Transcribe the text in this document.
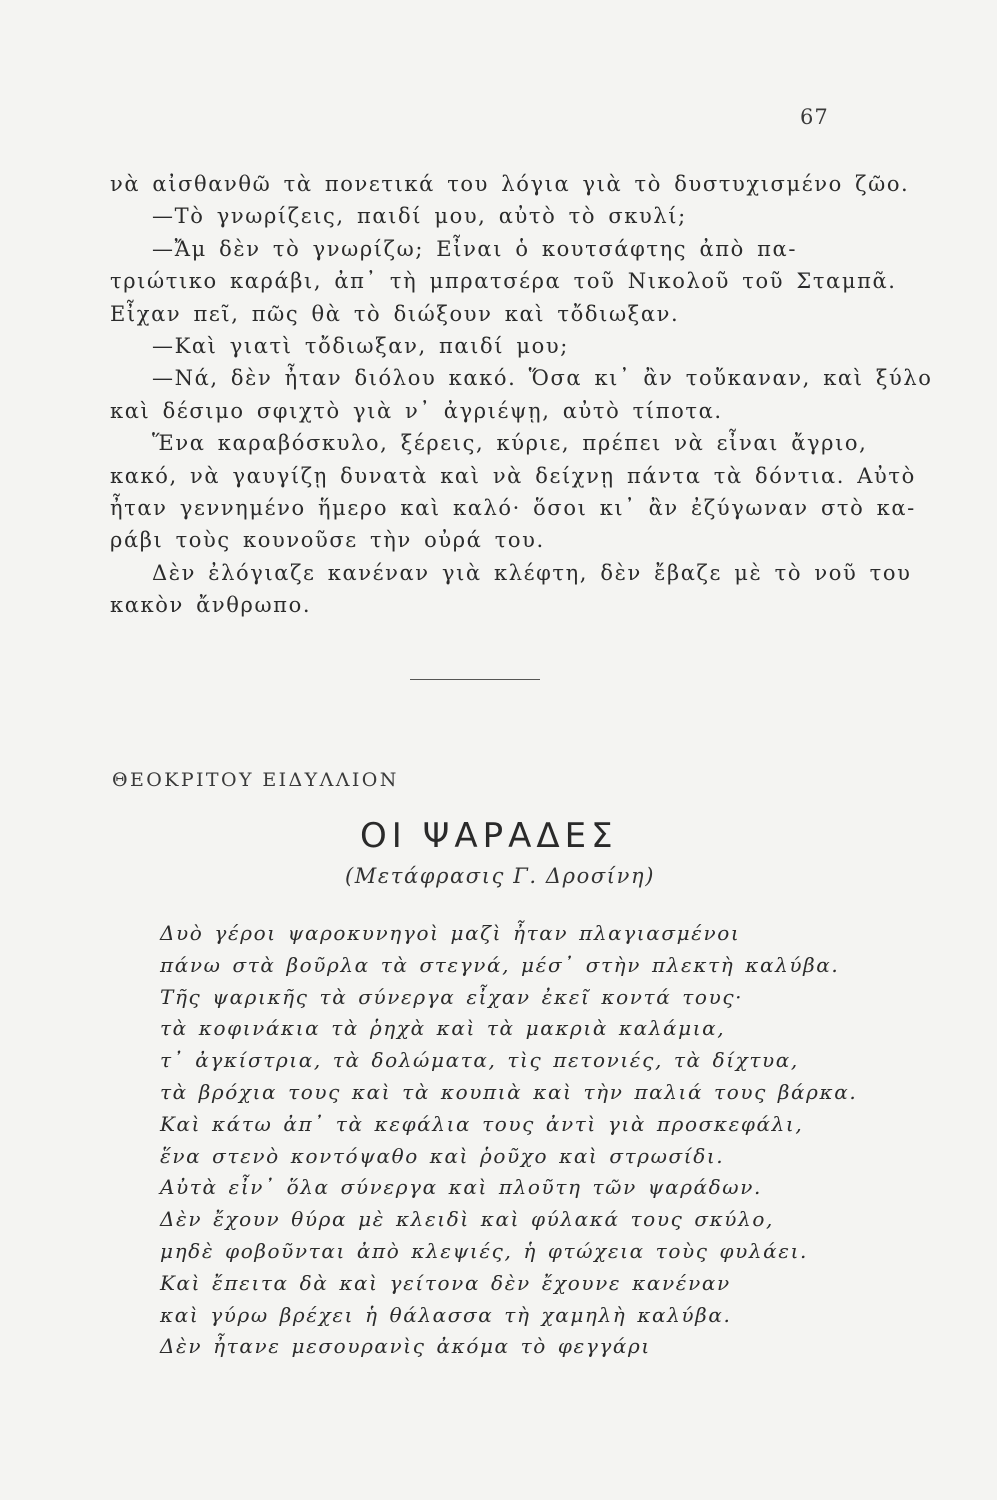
67
νὰ αἰσθανθῶ τὰ πονετικά του λόγια γιὰ τὸ δυστυχισμένο ζῶο.
—Τὸ γνωρίζεις, παιδί μου, αὐτὸ τὸ σκυλί;
—Ἄμ δὲν τὸ γνωρίζω; Εἶναι ὁ κουτσάφτης ἀπὸ πα-
τριώτικο καράβι, ἀπ᾿ τὴ μπρατσέρα τοῦ Νικολοῦ τοῦ Σταμπᾶ.
Εἶχαν πεῖ, πῶς θὰ τὸ διώξουν καὶ τὄδιωξαν.
—Καὶ γιατὶ τὄδιωξαν, παιδί μου;
—Νά, δὲν ἦταν διόλου κακό. Ὅσα κι᾿ ἂν τοὔκαναν, καὶ ξύλο
καὶ δέσιμο σφιχτὸ γιὰ ν᾿ ἀγριέψῃ, αὐτὸ τίποτα.
Ἕνα καραβόσκυλο, ξέρεις, κύριε, πρέπει νὰ εἶναι ἄγριο,
κακό, νὰ γαυγίζῃ δυνατὰ καὶ νὰ δείχνῃ πάντα τὰ δόντια. Αὐτὸ
ἦταν γεννημένο ἥμερο καὶ καλό· ὅσοι κι᾿ ἂν ἐζύγωναν στὸ κα-
ράβι τοὺς κουνοῦσε τὴν οὐρά του.
Δὲν ἐλόγιαζε κανέναν γιὰ κλέφτη, δὲν ἔβαζε μὲ τὸ νοῦ του
κακὸν ἄνθρωπο.
ΘΕΟΚΡΙΤΟΥ ΕΙΔΥΛΛΙΟΝ
ΟΙ ΨΑΡΑΔΕΣ
(Μετάφρασις Γ. Δροσίνη)
Δυὸ γέροι ψαροκυνηγοὶ μαζὶ ἦταν πλαγιασμένοι
πάνω στὰ βοῦρλα τὰ στεγνά, μέσ᾿ στὴν πλεκτὴ καλύβα.
Τῆς ψαρικῆς τὰ σύνεργα εἶχαν ἐκεῖ κοντά τους·
τὰ κοφινάκια τὰ ῥηχὰ καὶ τὰ μακριὰ καλάμια,
τ᾿ ἀγκίστρια, τὰ δολώματα, τὶς πετονιές, τὰ δίχτυα,
τὰ βρόχια τους καὶ τὰ κουπιὰ καὶ τὴν παλιά τους βάρκα.
Καὶ κάτω ἀπ᾿ τὰ κεφάλια τους ἀντὶ γιὰ προσκεφάλι,
ἕνα στενὸ κοντόψαθο καὶ ῥοῦχο καὶ στρωσίδι.
Αὐτὰ εἶν᾿ ὅλα σύνεργα καὶ πλοῦτη τῶν ψαράδων.
Δὲν ἔχουν θύρα μὲ κλειδὶ καὶ φύλακά τους σκύλο,
μηδὲ φοβοῦνται ἀπὸ κλεψιές, ἡ φτώχεια τοὺς φυλάει.
Καὶ ἔπειτα δὰ καὶ γείτονα δὲν ἔχουνε κανέναν
καὶ γύρω βρέχει ἡ θάλασσα τὴ χαμηλὴ καλύβα.
Δὲν ἦτανε μεσουρανὶς ἀκόμα τὸ φεγγάρι
